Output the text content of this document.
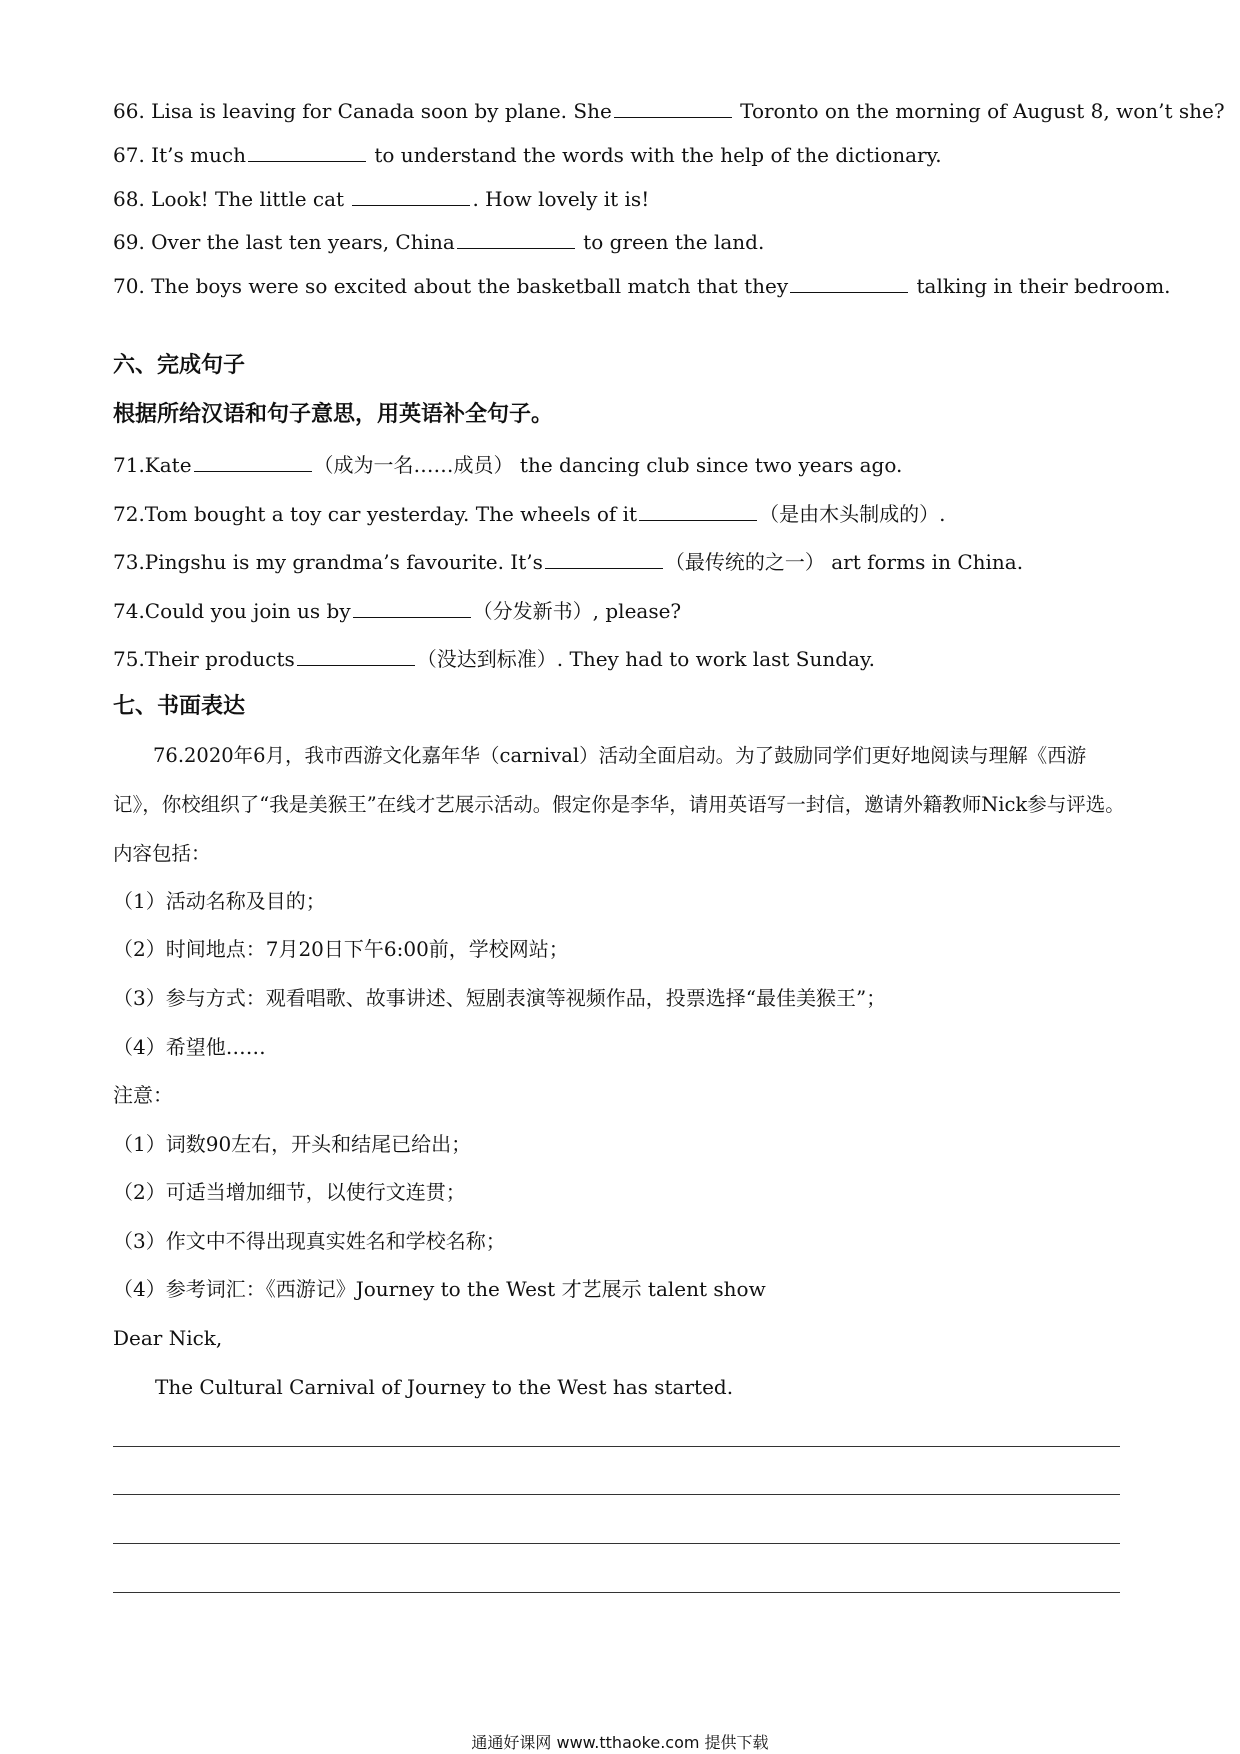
66. Lisa is leaving for Canada soon by plane. She	Toronto on the morning of August 8, won’t she?
67. It’s much	to understand the words with the help of the dictionary.
68. Look! The little cat	. How lovely it is!
69. Over the last ten years, China	to green the land.
70. The boys were so excited about the basketball match that they	talking in their bedroom.
六、完成句子
根据所给汉语和句子意思，用英语补全句子。
71.Kate	（成为一名……成员） the dancing club since two years ago.
72.Tom bought a toy car yesterday. The wheels of it	（是由木头制成的）.
73.Pingshu is my grandma’s favourite. It’s	（最传统的之一） art forms in China.
74.Could you join us by	（分发新书）, please?
75.Their products	（没达到标准）. They had to work last Sunday.
七、书面表达
76.2020年6月，我市西游文化嘉年华（carnival）活动全面启动。为了鼓励同学们更好地阅读与理解《西游记》，你校组织了“我是美猴王”在线才艺展示活动。假定你是李华，请用英语写一封信，邀请外籍教师Nick参与评选。内容包括：
（1）活动名称及目的；
（2）时间地点：7月20日下午6:00前，学校网站；
（3）参与方式：观看唱歌、故事讲述、短剧表演等视频作品，投票选择“最佳美猴王”；
（4）希望他……
注意：
（1）词数90左右，开头和结尾已给出；
（2）可适当增加细节，以使行文连贯；
（3）作文中不得出现真实姓名和学校名称；
（4）参考词汇：《西游记》Journey to the West 才艺展示 talent show
Dear Nick,
The Cultural Carnival of Journey to the West has started.
通通好课网 www.tthaoke.com 提供下载
